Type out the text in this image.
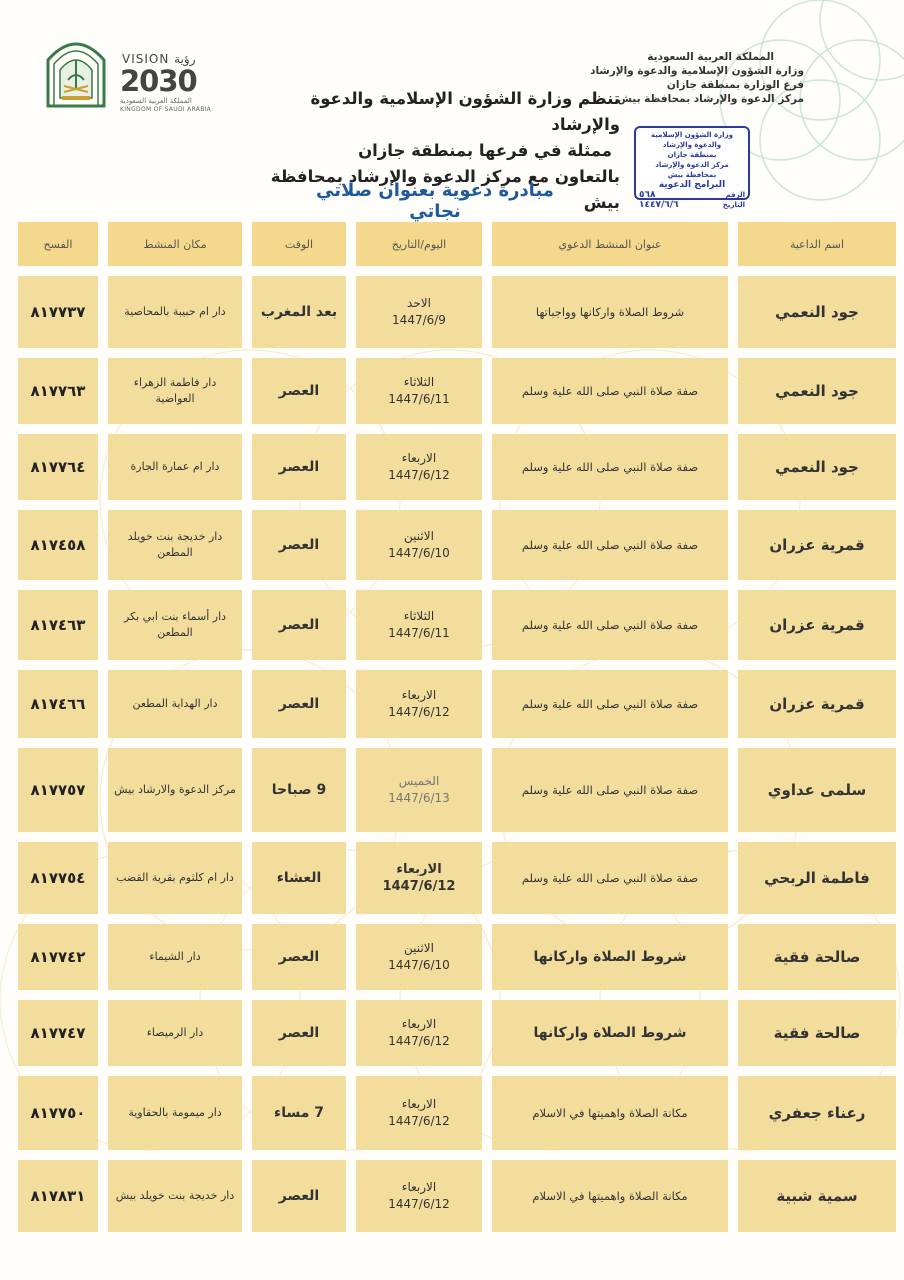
VISION رؤية
2030
المملكة العربية السعودية
KINGDOM OF SAUDI ARABIA
المملكة العربية السعودية
وزارة الشؤون الإسلامية والدعوة والإرشاد
فرع الوزارة بمنطقة جازان
مركز الدعوة والإرشاد بمحافظة بيش
تنظم وزارة الشؤون الإسلامية والدعوة والإرشاد
ممثلة في فرعها بمنطقة جازان
بالتعاون مع مركز الدعوة والإرشاد بمحافظة بيش
وزارة الشؤون الإسلامية والدعوة والإرشاد
بمنطقة جازان
مركز الدعوة والإرشاد بمحافظة بيش
البرامج الدعوية
الرقم
٥٦٨
التاريخ
١٤٤٧/٦/٦
مبادرة دعوية بعنوان صلاتي نجاتي
الفسح	مكان المنشط	الوقت	اليوم/التاريخ	عنوان المنشط الدعوي	اسم الداعية
٨١٧٧٣٧	دار ام حبيبة بالمحاصية	بعد المغرب
الاحد
1447/6/9
شروط الصلاة واركانها وواجباتها	جود النعمي
٨١٧٧٦٣	دار فاطمة الزهراء العواضية	العصر
الثلاثاء
1447/6/11
صفة صلاة النبي صلى الله علية وسلم	جود النعمي
٨١٧٧٦٤	دار ام عمارة الجارة	العصر
الاربعاء
1447/6/12
صفة صلاة النبي صلى الله علية وسلم	جود النعمي
٨١٧٤٥٨	دار خديجة بنت خويلد المطعن	العصر
الاثنين
1447/6/10
صفة صلاة النبي صلى الله علية وسلم	قمرية عزران
٨١٧٤٦٣	دار أسماء بنت ابي بكر المطعن	العصر
الثلاثاء
1447/6/11
صفة صلاة النبي صلى الله علية وسلم	قمرية عزران
٨١٧٤٦٦	دار الهداية المطعن	العصر
الاربعاء
1447/6/12
صفة صلاة النبي صلى الله علية وسلم	قمرية عزران
٨١٧٧٥٧	مركز الدعوة والارشاد بيش	9 صباحا
الخميس
1447/6/13
صفة صلاة النبي صلى الله علية وسلم	سلمى عداوي
٨١٧٧٥٤	دار ام كلثوم بقرية القضب	العشاء	الاربعاء
1447/6/12
صفة صلاة النبي صلى الله علية وسلم	فاطمة الربحي
٨١٧٧٤٢	دار الشيماء	العصر
الاثنين
1447/6/10	شروط الصلاة واركانها	صالحة فقية
٨١٧٧٤٧	دار الرميصاء	العصر
الاربعاء
1447/6/12	شروط الصلاة واركانها	صالحة فقية
٨١٧٧٥٠	دار ميمومة بالحقاوية	7 مساء
الاربعاء
1447/6/12
مكانة الصلاة واهميتها في الاسلام	رعناء جعفري
٨١٧٨٣١	دار خديجة بنت خويلد بيش	العصر
الاربعاء
1447/6/12
مكانة الصلاة واهميتها في الاسلام	سمية شبية
